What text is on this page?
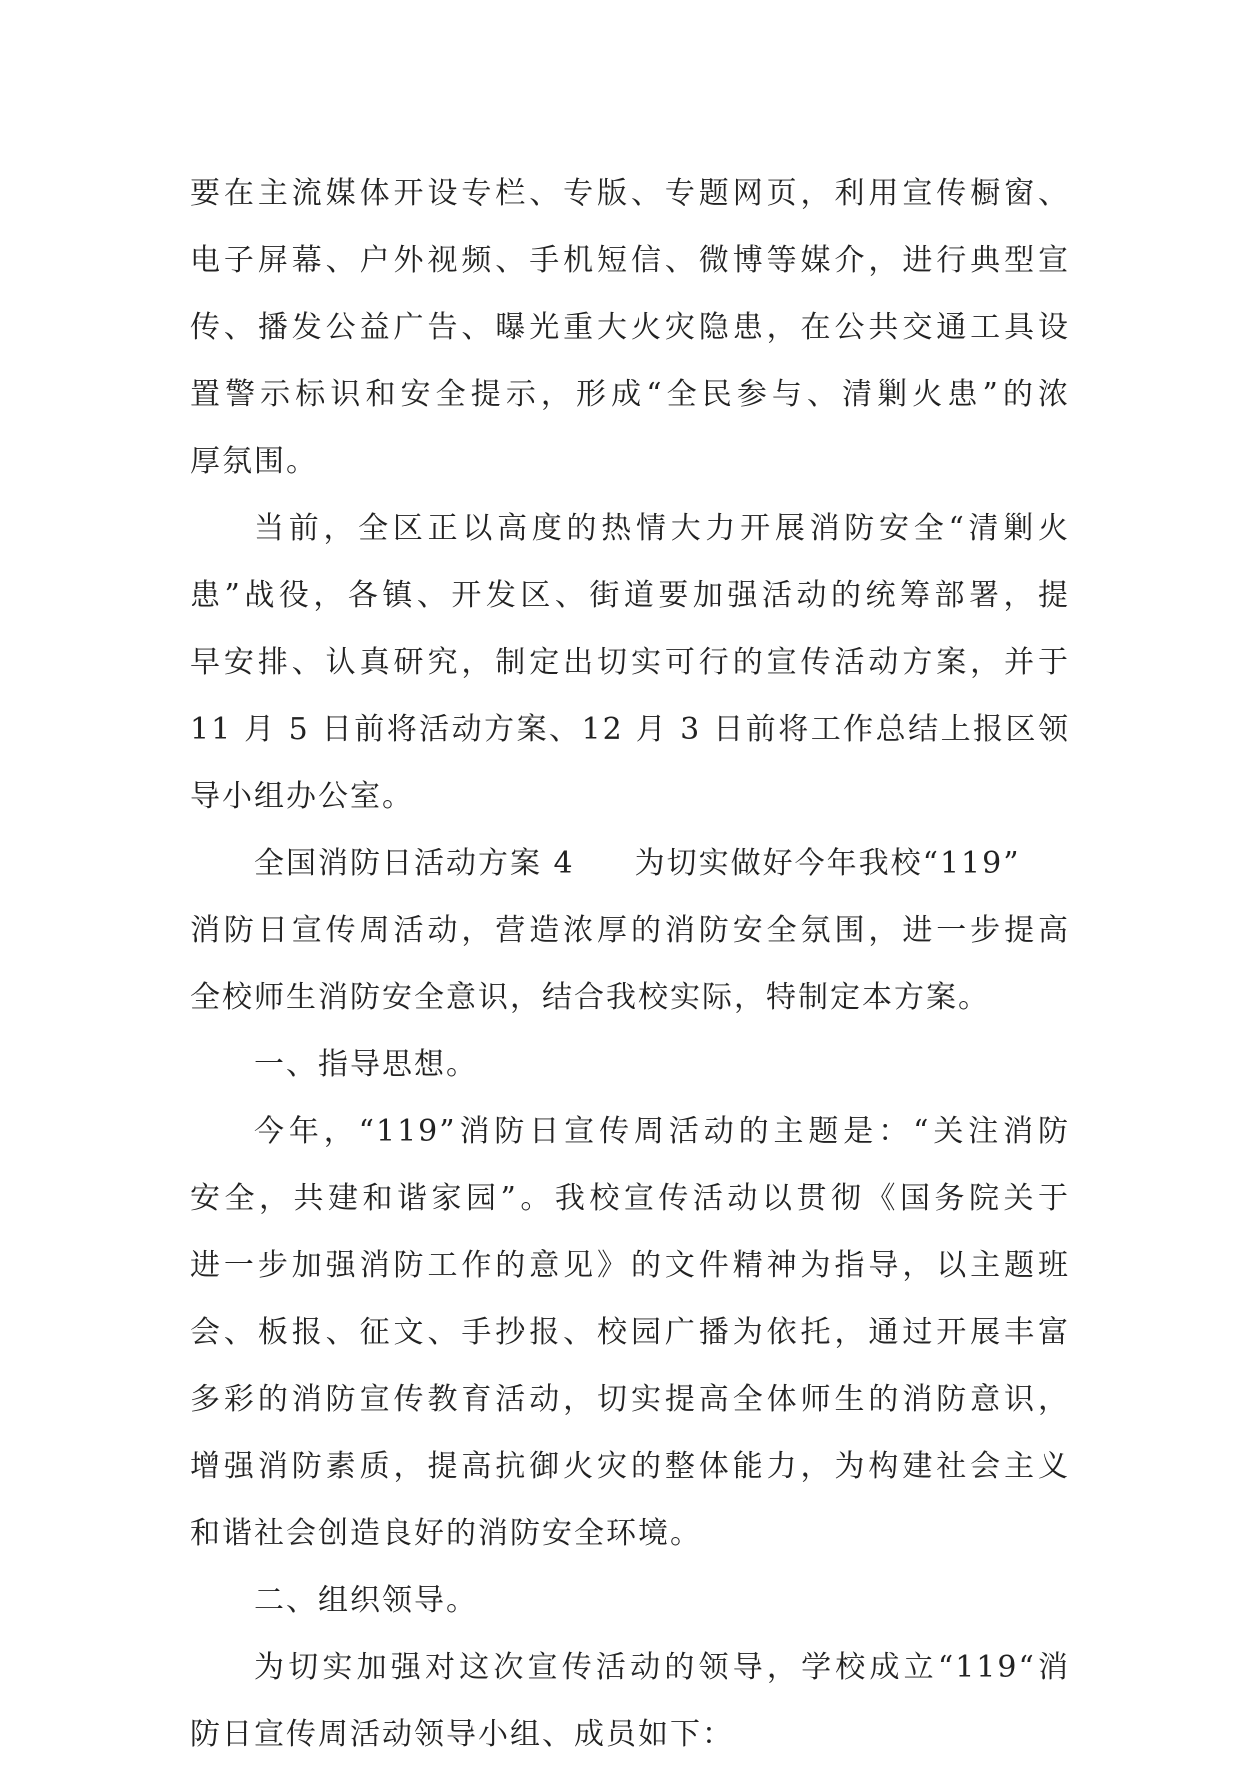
要在主流媒体开设专栏、专版、专题网页，利用宣传橱窗、
电子屏幕、户外视频、手机短信、微博等媒介，进行典型宣
传、播发公益广告、曝光重大火灾隐患，在公共交通工具设
置警示标识和安全提示，形成“全民参与、清剿火患”的浓
厚氛围。
当前，全区正以高度的热情大力开展消防安全“清剿火
患”战役，各镇、开发区、街道要加强活动的统筹部署，提
早安排、认真研究，制定出切实可行的宣传活动方案，并于
11 月 5 日前将活动方案、12 月 3 日前将工作总结上报区领
导小组办公室。
全国消防日活动方案 4 为切实做好今年我校“119”
消防日宣传周活动，营造浓厚的消防安全氛围，进一步提高
全校师生消防安全意识，结合我校实际，特制定本方案。
一、指导思想。
今年，“119”消防日宣传周活动的主题是：“关注消防
安全，共建和谐家园”。我校宣传活动以贯彻《国务院关于
进一步加强消防工作的意见》的文件精神为指导，以主题班
会、板报、征文、手抄报、校园广播为依托，通过开展丰富
多彩的消防宣传教育活动，切实提高全体师生的消防意识，
增强消防素质，提高抗御火灾的整体能力，为构建社会主义
和谐社会创造良好的消防安全环境。
二、组织领导。
为切实加强对这次宣传活动的领导，学校成立“119“消
防日宣传周活动领导小组、成员如下：
